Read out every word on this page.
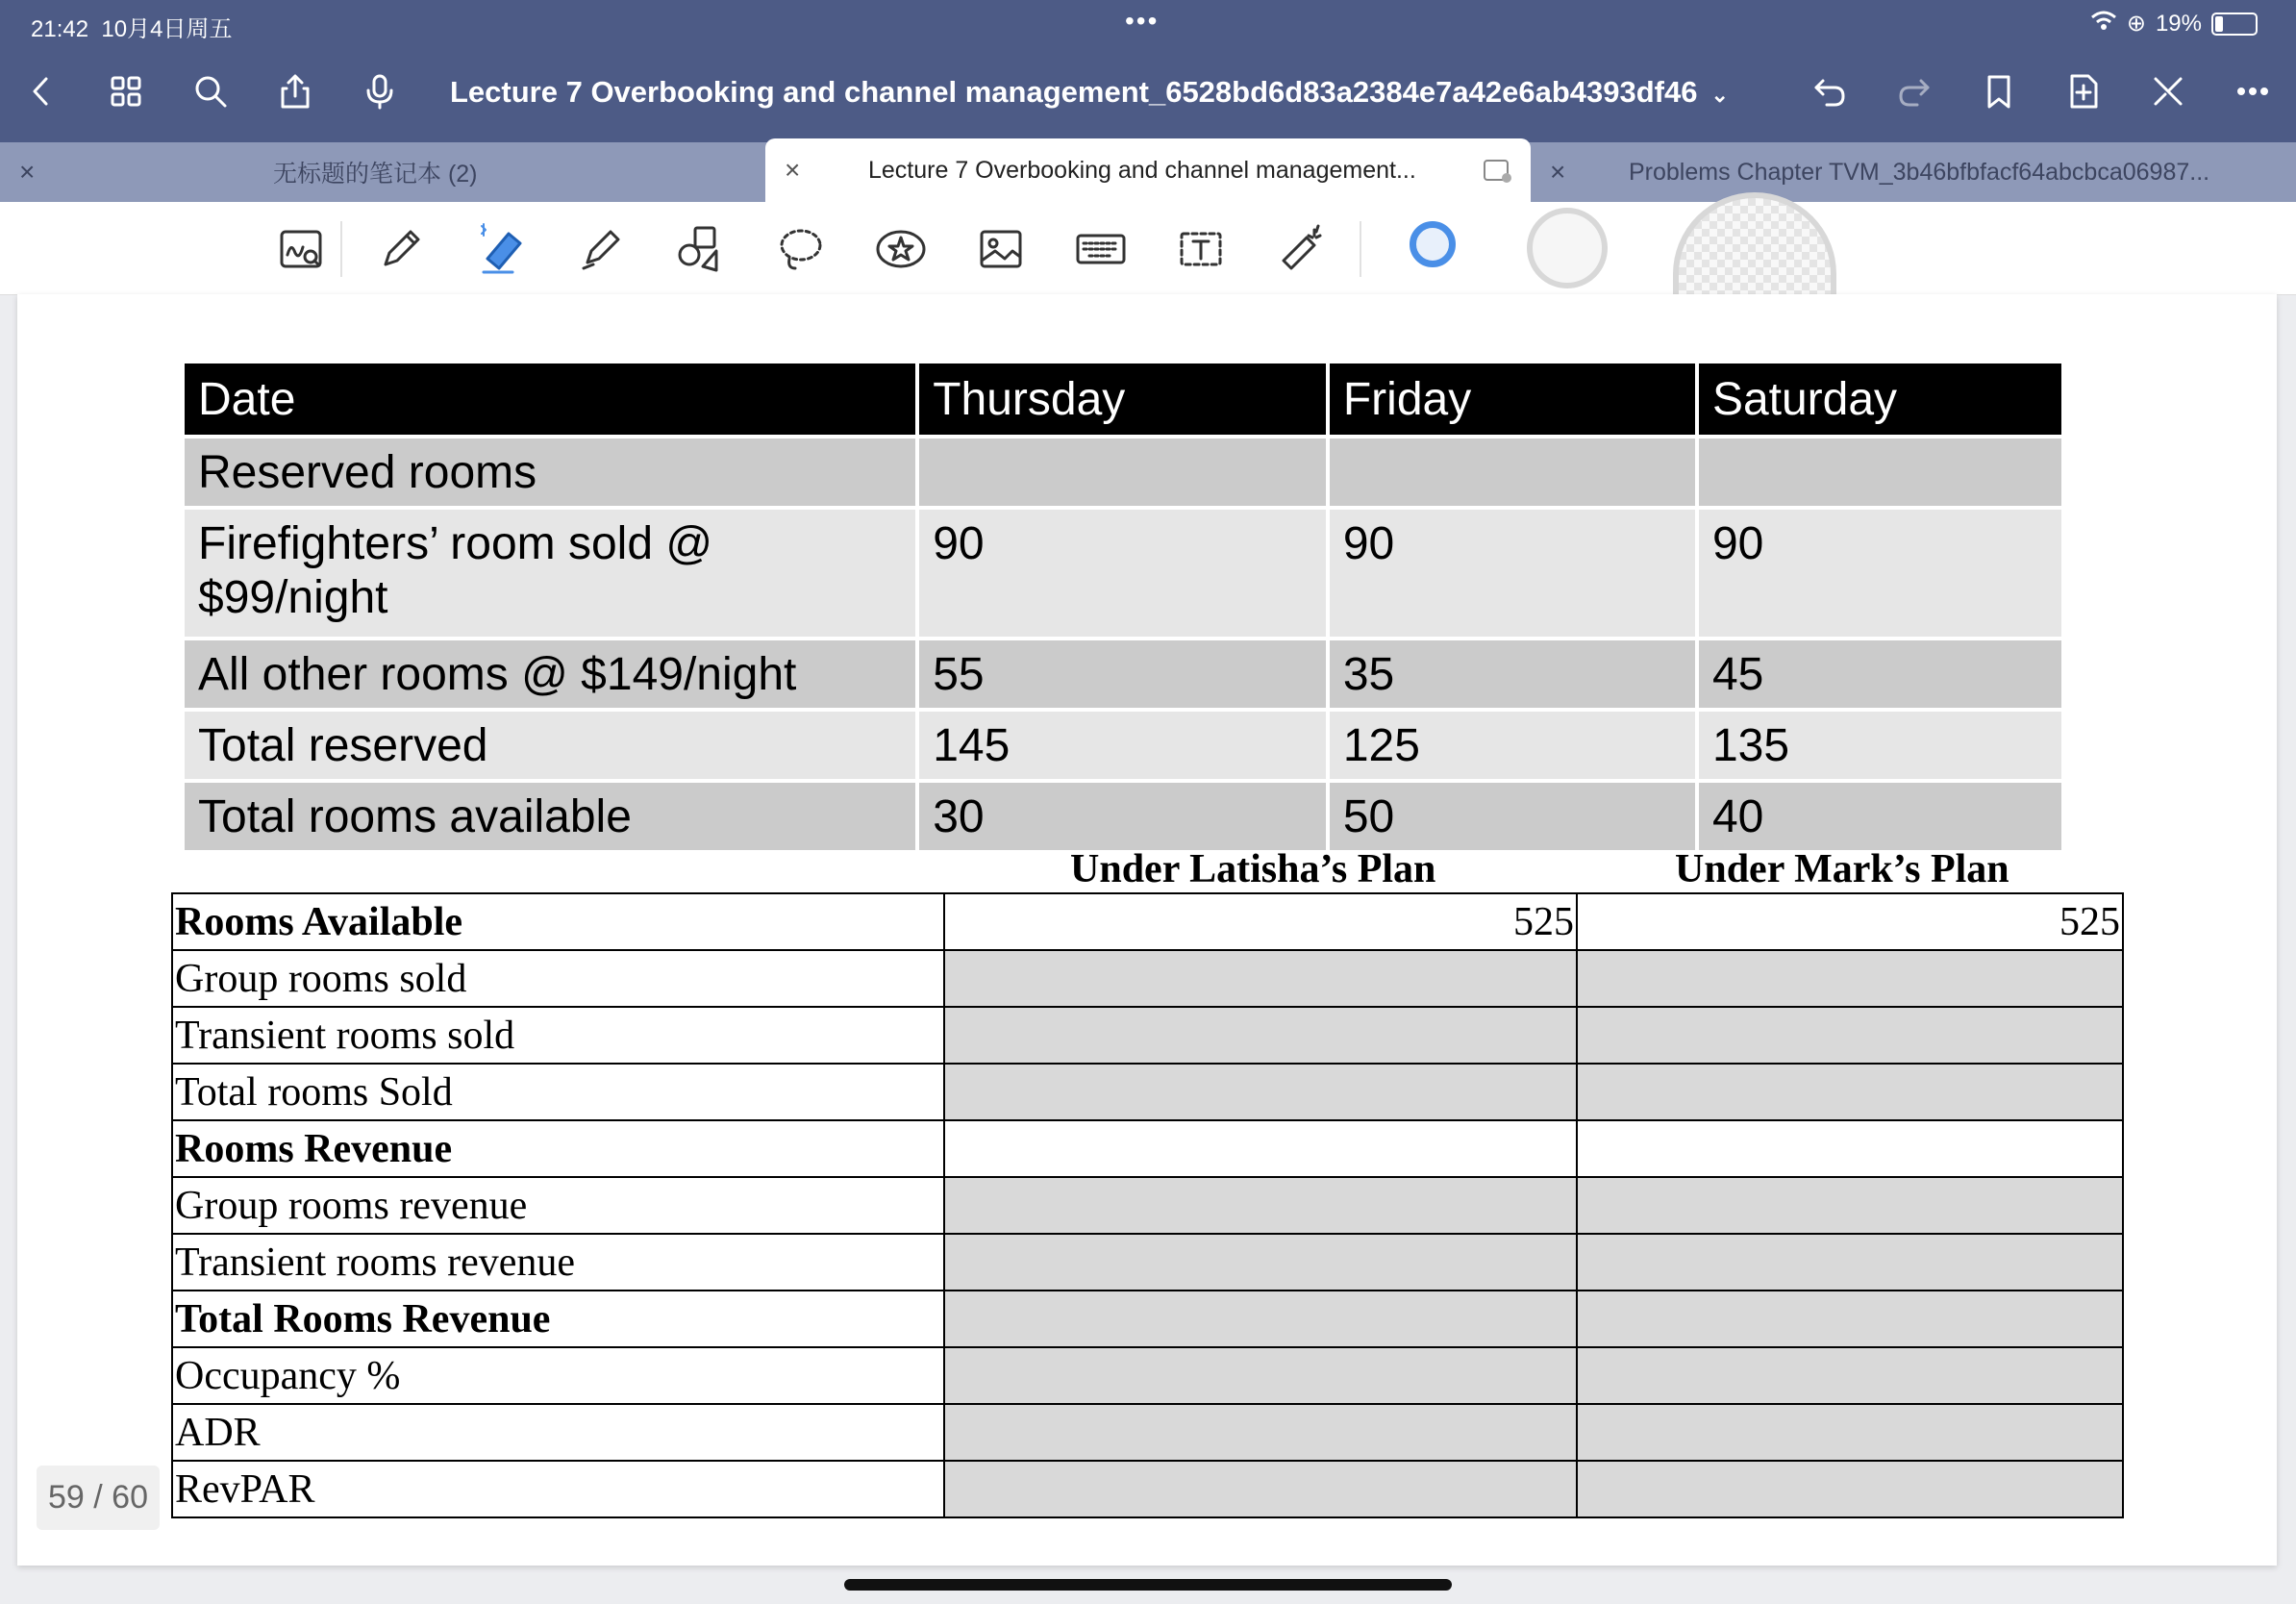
21:42 10月4日周五	•••	⊕ 19%
Lecture 7 Overbooking and channel management_6528bd6d83a2384e7a42e6ab4393df46 ⌄
×	无标题的笔记本 (2)	×	Lecture 7 Overbooking and channel management...	×	Problems Chapter TVM_3b46bfbfacf64abcbca06987...
Date	Thursday	Friday	Saturday
Reserved rooms			
Firefighters’ room sold @ $99/night	90	90	90
All other rooms @ $149/night	55	35	45
Total reserved	145	125	135
Total rooms available	30	50	40
Under Latisha’s Plan	Under Mark’s Plan
Rooms Available	525	525
Group rooms sold		
Transient rooms sold		
Total rooms Sold		
Rooms Revenue		
Group rooms revenue		
Transient rooms revenue		
Total Rooms Revenue		
Occupancy %		
ADR		
RevPAR		
59 / 60
